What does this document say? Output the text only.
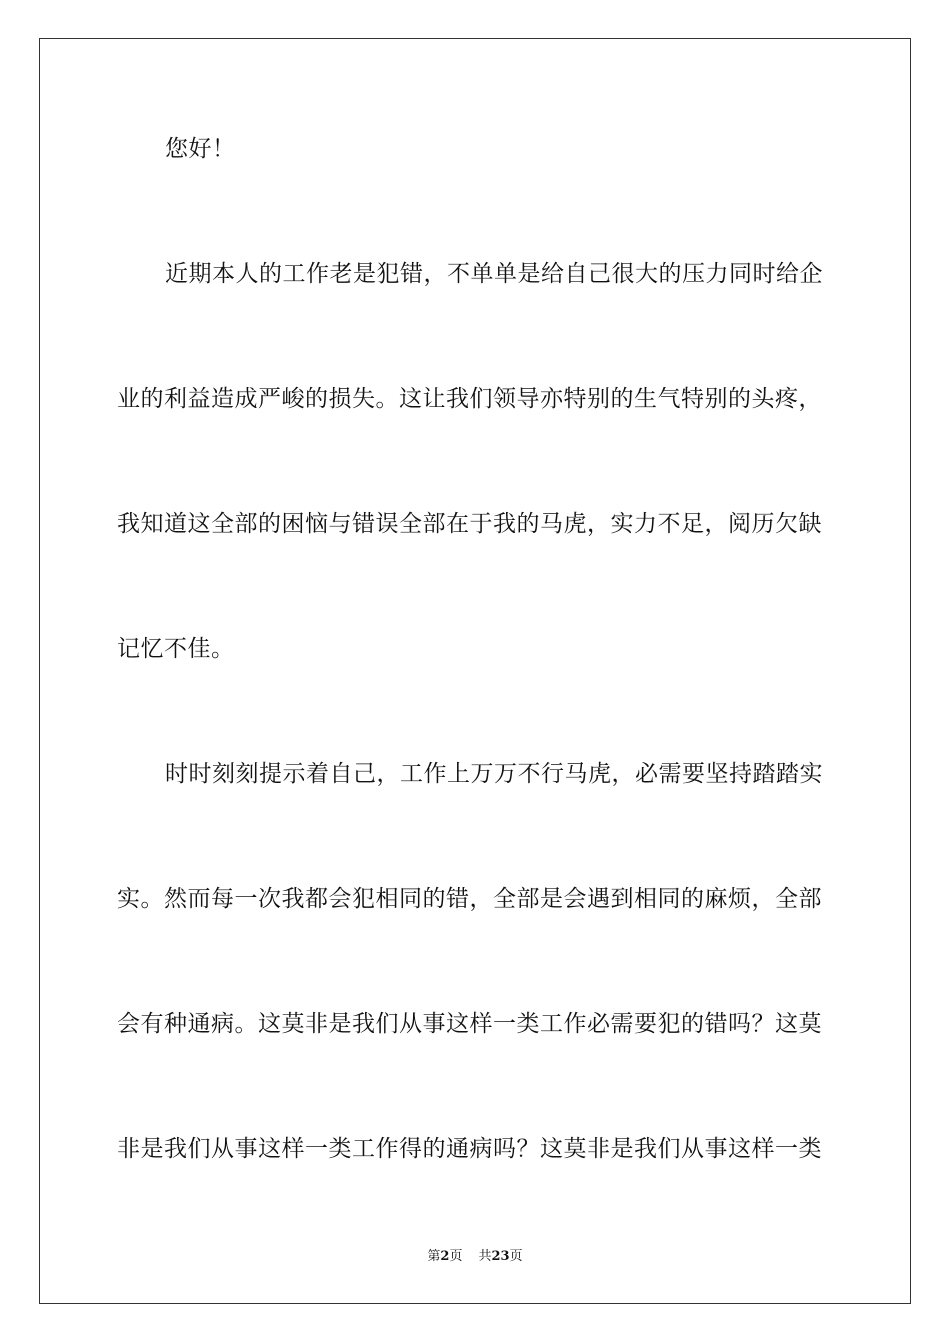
您好！
近期本人的工作老是犯错，不单单是给自己很大的压力同时给企
业的利益造成严峻的损失。这让我们领导亦特别的生气特别的头疼，
我知道这全部的困恼与错误全部在于我的马虎，实力不足，阅历欠缺
记忆不佳。
时时刻刻提示着自己，工作上万万不行马虎，必需要坚持踏踏实
实。然而每一次我都会犯相同的错，全部是会遇到相同的麻烦，全部
会有种通病。这莫非是我们从事这样一类工作必需要犯的错吗？这莫
非是我们从事这样一类工作得的通病吗？这莫非是我们从事这样一类
第2页 共23页
